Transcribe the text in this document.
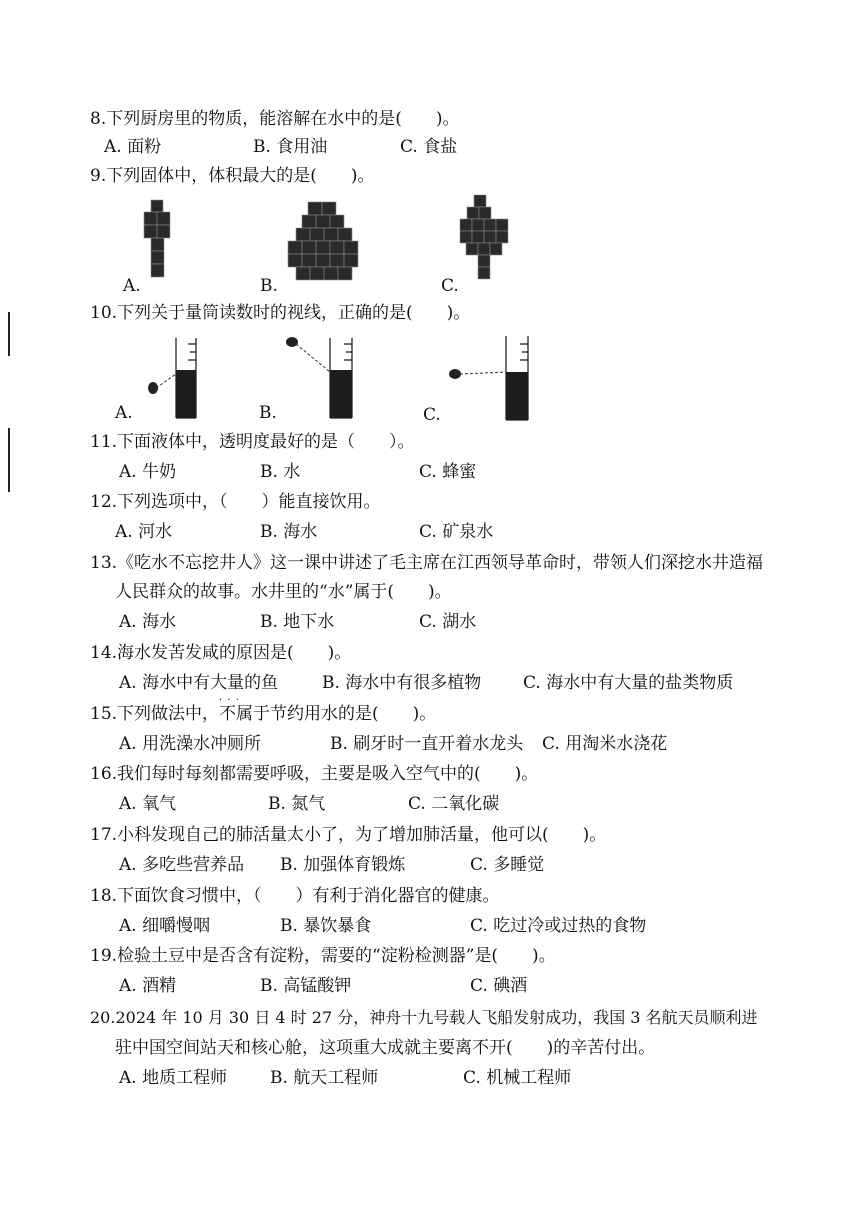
8.下列厨房里的物质，能溶解在水中的是(　　)。
A. 面粉	B. 食用油	C. 食盐
9.下列固体中，体积最大的是(　　)。
A.	B.	C.
10.下列关于量筒读数时的视线，正确的是(　　)。
A.	B.	C.
11.下面液体中，透明度最好的是（　　）。
A. 牛奶	B. 水	C. 蜂蜜
12.下列选项中，（　　）能直接饮用。
A. 河水	B. 海水	C. 矿泉水
13.《吃水不忘挖井人》这一课中讲述了毛主席在江西领导革命时，带领人们深挖水井造福
人民群众的故事。水井里的“水”属于(　　)。
A. 海水	B. 地下水	C. 湖水
14.海水发苦发咸的原因是(　　)。
A. 海水中有大量的鱼	B. 海水中有很多植物 C. 海水中有大量的盐类物质
15.下列做法中，不属于 · · ·节约用水的是(　　)。
A. 用洗澡水冲厕所	B. 刷牙时一直开着水龙头 C. 用淘米水浇花
16.我们每时每刻都需要呼吸，主要是吸入空气中的(　　)。
A. 氧气	B. 氮气	C. 二氧化碳
17.小科发现自己的肺活量太小了，为了增加肺活量，他可以(　　)。
A. 多吃些营养品 B. 加强体育锻炼	C. 多睡觉
18.下面饮食习惯中，（　　）有利于消化器官的健康。
A. 细嚼慢咽	B. 暴饮暴食	C. 吃过冷或过热的食物
19.检验土豆中是否含有淀粉，需要的“淀粉检测器”是(　　)。
A. 酒精	B. 高锰酸钾	C. 碘酒
20.2024 年 10 月 30 日 4 时 27 分，神舟十九号载人飞船发射成功，我国 3 名航天员顺利进
驻中国空间站天和核心舱，这项重大成就主要离不开(　　)的辛苦付出。
A. 地质工程师	B. 航天工程师	C. 机械工程师
